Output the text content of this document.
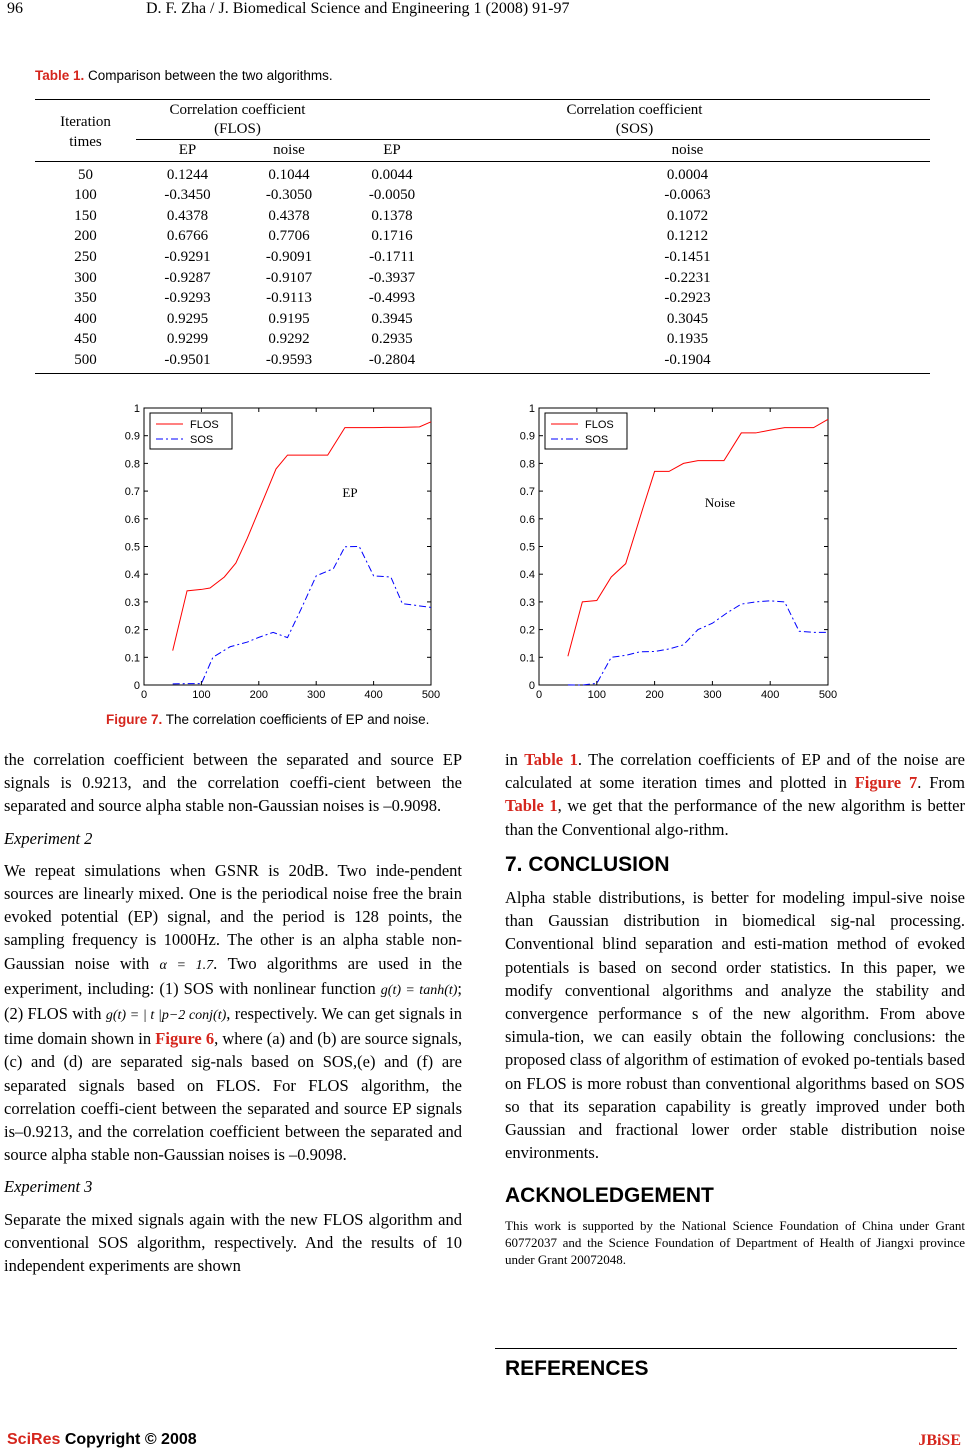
96	D. F. Zha / J. Biomedical Science and Engineering 1 (2008) 91-97
Table 1. Comparison between the two algorithms.
Iteration
times	Correlation coefficient
(FLOS)		Correlation coefficient
(SOS)	
	EP	noise	EP	noise
50	0.1244	0.1044	0.0044	0.0004
100	-0.3450	-0.3050	-0.0050	-0.0063
150	0.4378	0.4378	0.1378	0.1072
200	0.6766	0.7706	0.1716	0.1212
250	-0.9291	-0.9091	-0.1711	-0.1451
300	-0.9287	-0.9107	-0.3937	-0.2231
350	-0.9293	-0.9113	-0.4993	-0.2923
400	0.9295	0.9195	0.3945	0.3045
450	0.9299	0.9292	0.2935	0.1935
500	-0.9501	-0.9593	-0.2804	-0.1904
0	100	200	300	400	500
0
0.1
0.2
0.3
0.4
0.5
0.6
0.7
0.8
0.9
1
FLOS
SOS
EP
0	100	200	300	400	500
0
0.1
0.2
0.3
0.4
0.5
0.6
0.7
0.8
0.9
1
FLOS
SOS
Noise
Figure 7. The correlation coefficients of EP and noise.

the correlation coefficient between the separated and source EP signals is 0.9213, and the correlation coeffi-cient between the separated and source alpha stable non-Gaussian noises is –0.9098.

Experiment 2

We repeat simulations when GSNR is 20dB. Two inde-pendent sources are linearly mixed. One is the periodical noise free the brain evoked potential (EP) signal, and the period is 128 points, the sampling frequency is 1000Hz. The other is an alpha stable non-Gaussian noise with α = 1.7. Two algorithms are used in the experiment, including: (1) SOS with nonlinear function g(t) = tanh(t); (2) FLOS with g(t) = | t |p−2 conj(t), respectively. We can get signals in time domain shown in Figure 6, where (a) and (b) are source signals, (c) and (d) are separated sig-nals based on SOS,(e) and (f) are separated signals based on FLOS. For FLOS algorithm, the correlation coeffi-cient between the separated and source EP signals is–0.9213, and the correlation coefficient between the separated and source alpha stable non-Gaussian noises is –0.9098.

Experiment 3

Separate the mixed signals again with the new FLOS algorithm and conventional SOS algorithm, respectively. And the results of 10 independent experiments are shown

in Table 1. The correlation coefficients of EP and of the noise are calculated at some iteration times and plotted in Figure 7. From Table 1, we get that the performance of the new algorithm is better than the Conventional algo-rithm.

7. CONCLUSION

Alpha stable distributions, is better for modeling impul-sive noise than Gaussian distribution in biomedical sig-nal processing. Conventional blind separation and esti-mation method of evoked potentials is based on second order statistics. In this paper, we modify conventional algorithms and analyze the stability and convergence performance s of the new algorithm. From above simula-tion, we can easily obtain the following conclusions: the proposed class of algorithm of estimation of evoked po-tentials based on FLOS is more robust than conventional algorithms based on SOS so that its separation capability is greatly improved under both Gaussian and fractional lower order stable distribution noise environments.

ACKNOLEDGEMENT

This work is supported by the National Science Foundation of China under Grant 60772037 and the Science Foundation of Department of Health of Jiangxi province under Grant 20072048.

REFERENCES
SciRes Copyright © 2008	JBiSE
